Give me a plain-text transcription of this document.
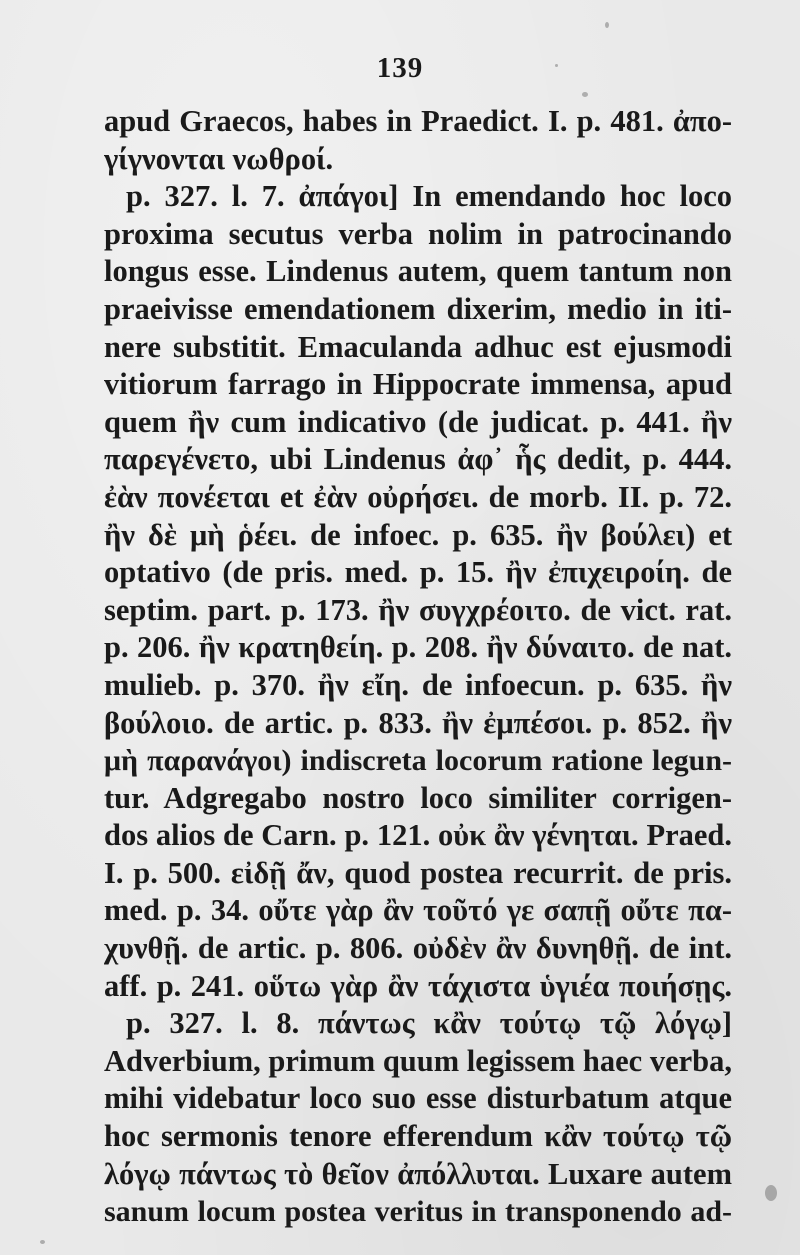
139
apud Graecos, habes in Praedict. I. p. 481. ἀπο-
γίγνονται νωθροί.
p. 327. l. 7. ἀπάγοι] In emendando hoc loco
proxima secutus verba nolim in patrocinando
longus esse. Lindenus autem, quem tantum non
praeivisse emendationem dixerim, medio in iti-
nere substitit. Emaculanda adhuc est ejusmodi
vitiorum farrago in Hippocrate immensa, apud
quem ἢν cum indicativo (de judicat. p. 441. ἢν
παρεγένετο, ubi Lindenus ἀφ᾽ ἧς dedit, p. 444.
ἐὰν πονέεται et ἐὰν οὐρήσει. de morb. II. p. 72.
ἢν δὲ μὴ ῥέει. de infoec. p. 635. ἢν βούλει) et
optativo (de pris. med. p. 15. ἢν ἐπιχειροίη. de
septim. part. p. 173. ἢν συγχρέοιτο. de vict. rat.
p. 206. ἢν κρατηθείη. p. 208. ἢν δύναιτο. de nat.
mulieb. p. 370. ἢν εἴη. de infoecun. p. 635. ἢν
βούλοιο. de artic. p. 833. ἢν ἐμπέσοι. p. 852. ἢν
μὴ παρανάγοι) indiscreta locorum ratione legun-
tur. Adgregabo nostro loco similiter corrigen-
dos alios de Carn. p. 121. οὐκ ἂν γένηται. Praed.
I. p. 500. εἰδῇ ἄν, quod postea recurrit. de pris.
med. p. 34. οὔτε γὰρ ἂν τοῦτό γε σαπῇ οὔτε πα-
χυνθῇ. de artic. p. 806. οὐδὲν ἂν δυνηθῇ. de int.
aff. p. 241. οὕτω γὰρ ἂν τάχιστα ὑγιέα ποιήσῃς.
p. 327. l. 8. πάντως κἂν τούτῳ τῷ λόγῳ]
Adverbium, primum quum legissem haec verba,
mihi videbatur loco suo esse disturbatum atque
hoc sermonis tenore efferendum κἂν τούτῳ τῷ
λόγῳ πάντως τὸ θεῖον ἀπόλλυται. Luxare autem
sanum locum postea veritus in transponendo ad-
